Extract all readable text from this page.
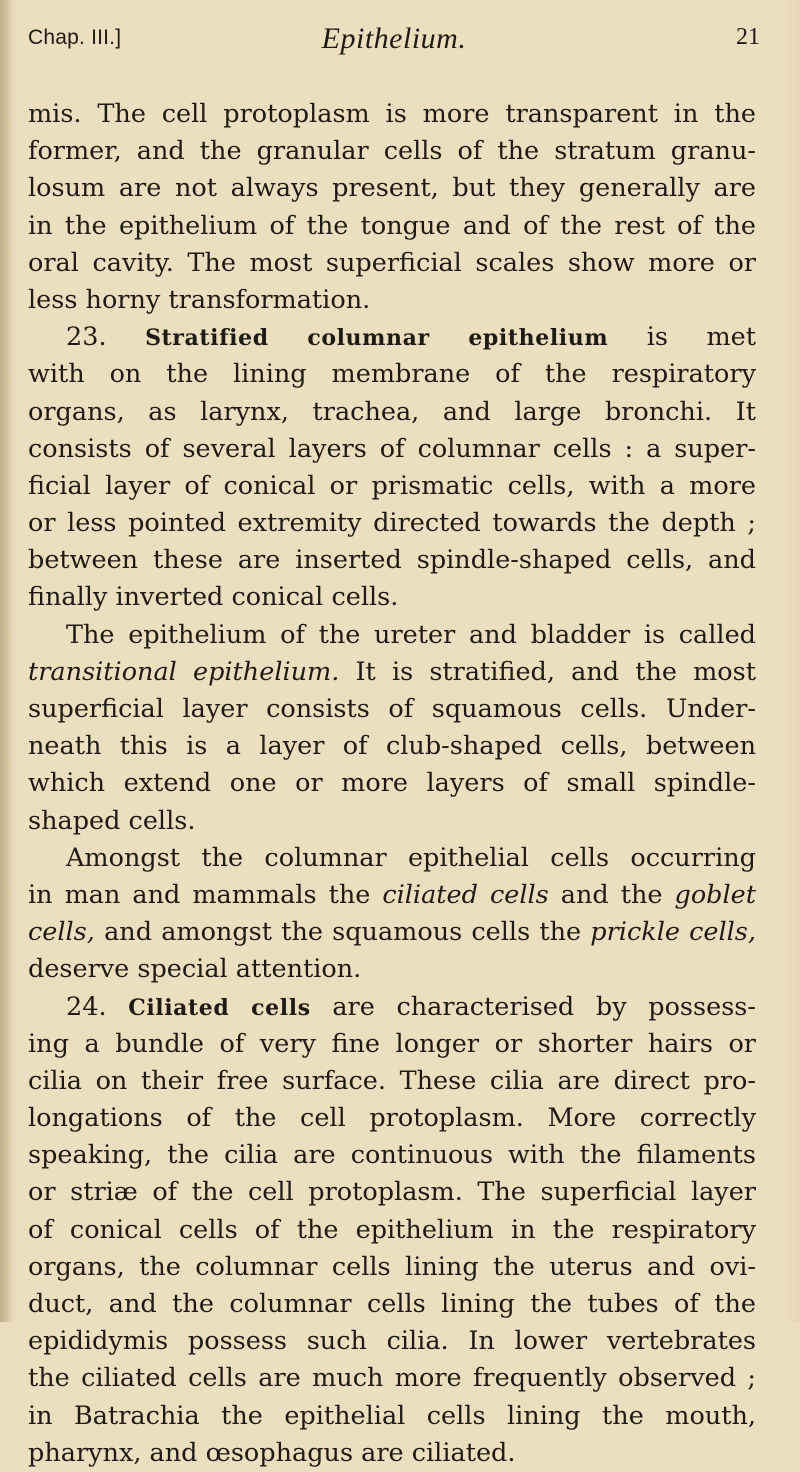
Chap. III.]	Epithelium.	21
mis. The cell protoplasm is more transparent in the
former, and the granular cells of the stratum granu-
losum are not always present, but they generally are
in the epithelium of the tongue and of the rest of the
oral cavity. The most superficial scales show more or
less horny transformation.
23. Stratified columnar epithelium is met
with on the lining membrane of the respiratory
organs, as larynx, trachea, and large bronchi. It
consists of several layers of columnar cells : a super-
ficial layer of conical or prismatic cells, with a more
or less pointed extremity directed towards the depth ;
between these are inserted spindle-shaped cells, and
finally inverted conical cells.
The epithelium of the ureter and bladder is called
transitional epithelium. It is stratified, and the most
superficial layer consists of squamous cells. Under-
neath this is a layer of club-shaped cells, between
which extend one or more layers of small spindle-
shaped cells.
Amongst the columnar epithelial cells occurring
in man and mammals the ciliated cells and the goblet
cells, and amongst the squamous cells the prickle cells,
deserve special attention.
24. Ciliated cells are characterised by possess-
ing a bundle of very fine longer or shorter hairs or
cilia on their free surface. These cilia are direct pro-
longations of the cell protoplasm. More correctly
speaking, the cilia are continuous with the filaments
or striæ of the cell protoplasm. The superficial layer
of conical cells of the epithelium in the respiratory
organs, the columnar cells lining the uterus and ovi-
duct, and the columnar cells lining the tubes of the
epididymis possess such cilia. In lower vertebrates
the ciliated cells are much more frequently observed ;
in Batrachia the epithelial cells lining the mouth,
pharynx, and œsophagus are ciliated.
